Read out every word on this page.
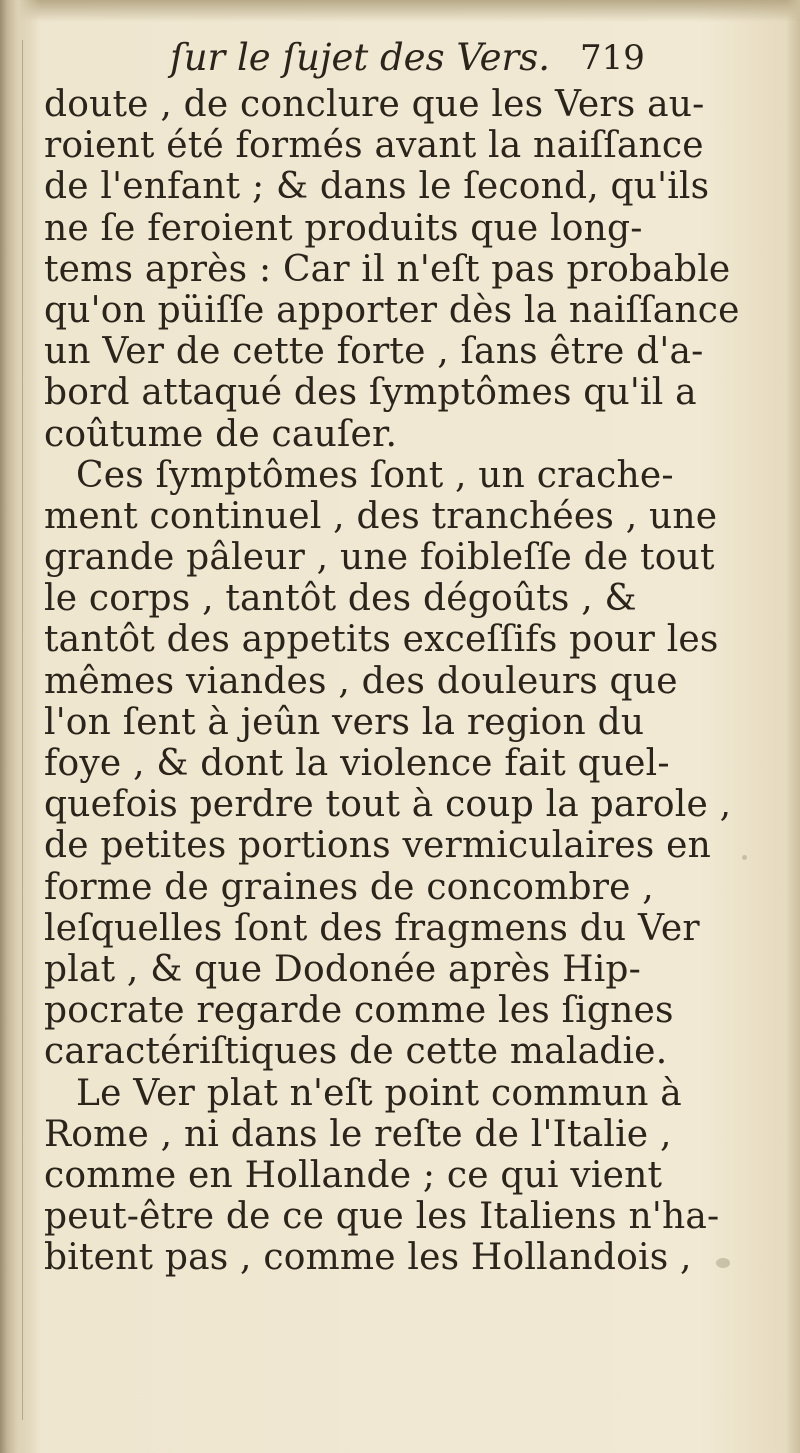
ſur le ſujet des Vers. 719
doute , de conclure que les Vers au-
roient été formés avant la naiſſance
de l'enfant ; & dans le ſecond, qu'ils
ne ſe feroient produits que long-
tems après : Car il n'eſt pas probable
qu'on püiſſe apporter dès la naiſſance
un Ver de cette forte , ſans être d'a-
bord attaqué des ſymptômes qu'il a
coûtume de cauſer.
Ces ſymptômes ſont , un crache-
ment continuel , des tranchées , une
grande pâleur , une foibleſſe de tout
le corps , tantôt des dégoûts , &
tantôt des appetits exceſſifs pour les
mêmes viandes , des douleurs que
l'on ſent à jeûn vers la region du
foye , & dont la violence fait quel-
quefois perdre tout à coup la parole ,
de petites portions vermiculaires en
forme de graines de concombre ,
leſquelles ſont des fragmens du Ver
plat , & que Dodonée après Hip-
pocrate regarde comme les ſignes
caractériſtiques de cette maladie.
Le Ver plat n'eſt point commun à
Rome , ni dans le reſte de l'Italie ,
comme en Hollande ; ce qui vient
peut-être de ce que les Italiens n'ha-
bitent pas , comme les Hollandois ,
